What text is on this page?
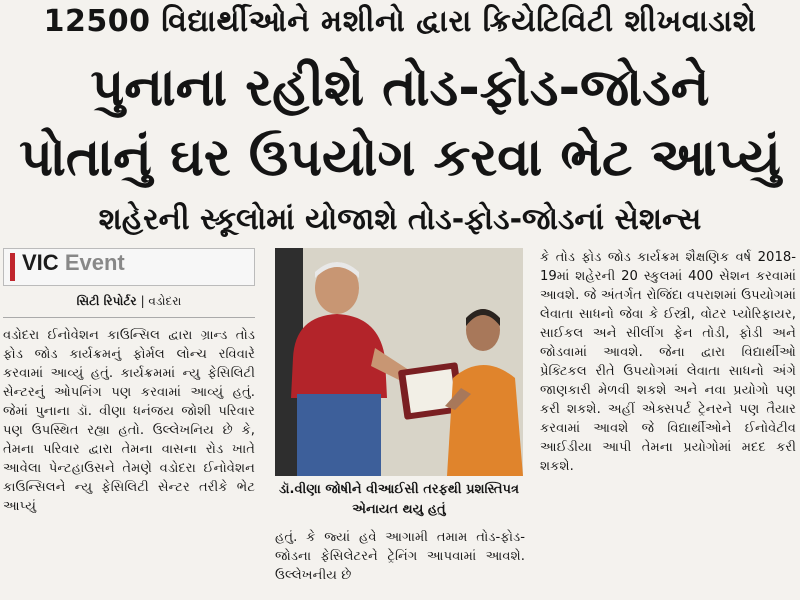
12500 વિદ્યાર્થીઓને મશીનો દ્વારા ક્રિયેટિવિટી શીખવાડાશે
પુનાના રહીશે તોડ-ફોડ-જોડને
પોતાનું ઘર ઉપયોગ કરવા ભેટ આપ્યું
શહેરની સ્કૂલોમાં યોજાશે તોડ-ફોડ-જોડનાં સેશન્સ
VIC Event
સિટી રિપોર્ટર | વડોદરા

વડોદરા ઈનોવેશન કાઉન્સિલ દ્વારા ગ્રાન્ડ તોડ ફોડ જોડ કાર્યક્રમનું ફોર્મલ લોન્ચ રવિવારે કરવામાં આવ્યું હતું. કાર્યક્રમમાં ન્યુ ફેસિલિટી સેન્ટરનું ઓપનિંગ પણ કરવામાં આવ્યું હતું. જેમાં પુનાના ડૉ. વીણા ધનંજય જોશી પરિવાર પણ ઉપસ્થિત રહ્યા હતો. ઉલ્લેખનિય છે કે, તેમના પરિવાર દ્વારા તેમના વાસના રોડ ખાતે આવેલા પેન્ટહાઉસને તેમણે વડોદરા ઈનોવેશન કાઉન્સિલને ન્યુ ફેસિલિટી સેન્ટર તરીકે ભેટ આપ્યું

ડૉ.વીણા જોષીને વીઆઈસી તરફથી પ્રશસ્તિપત્ર એનાયત થયુ હતું

હતું. કે જ્યાં હવે આગામી તમામ તોડ-ફોડ-જોડના ફેસિલેટરને ટ્રેનિંગ આપવામાં આવશે. ઉલ્લેખનીય છે

કે તોડ ફોડ જોડ કાર્યક્રમ શૈક્ષણિક વર્ષ 2018-19માં શહેરની 20 સ્કુલમાં 400 સેશન કરવામાં આવશે. જે અંતર્ગત રોજિંદા વપરાશમાં ઉપયોગમાં લેવાતા સાધનો જેવા કે ઈસ્ત્રી, વોટર પ્યોરિફાયર, સાઈકલ અને સીલીંગ ફેન તોડી, ફોડી અને જોડવામાં આવશે. જેના દ્વારા વિદ્યાર્થીઓ પ્રેક્ટિકલ રીતે ઉપયોગમાં લેવાતા સાધનો અંગે જાણકારી મેળવી શકશે અને નવા પ્રયોગો પણ કરી શકશે. અહીં એક્સપર્ટ ટ્રેનરને પણ તૈયાર કરવામાં આવશે જે વિદ્યાર્થીઓને ઈનોવેટીવ આઈડીયા આપી તેમના પ્રયોગોમાં મદદ કરી શકશે.
